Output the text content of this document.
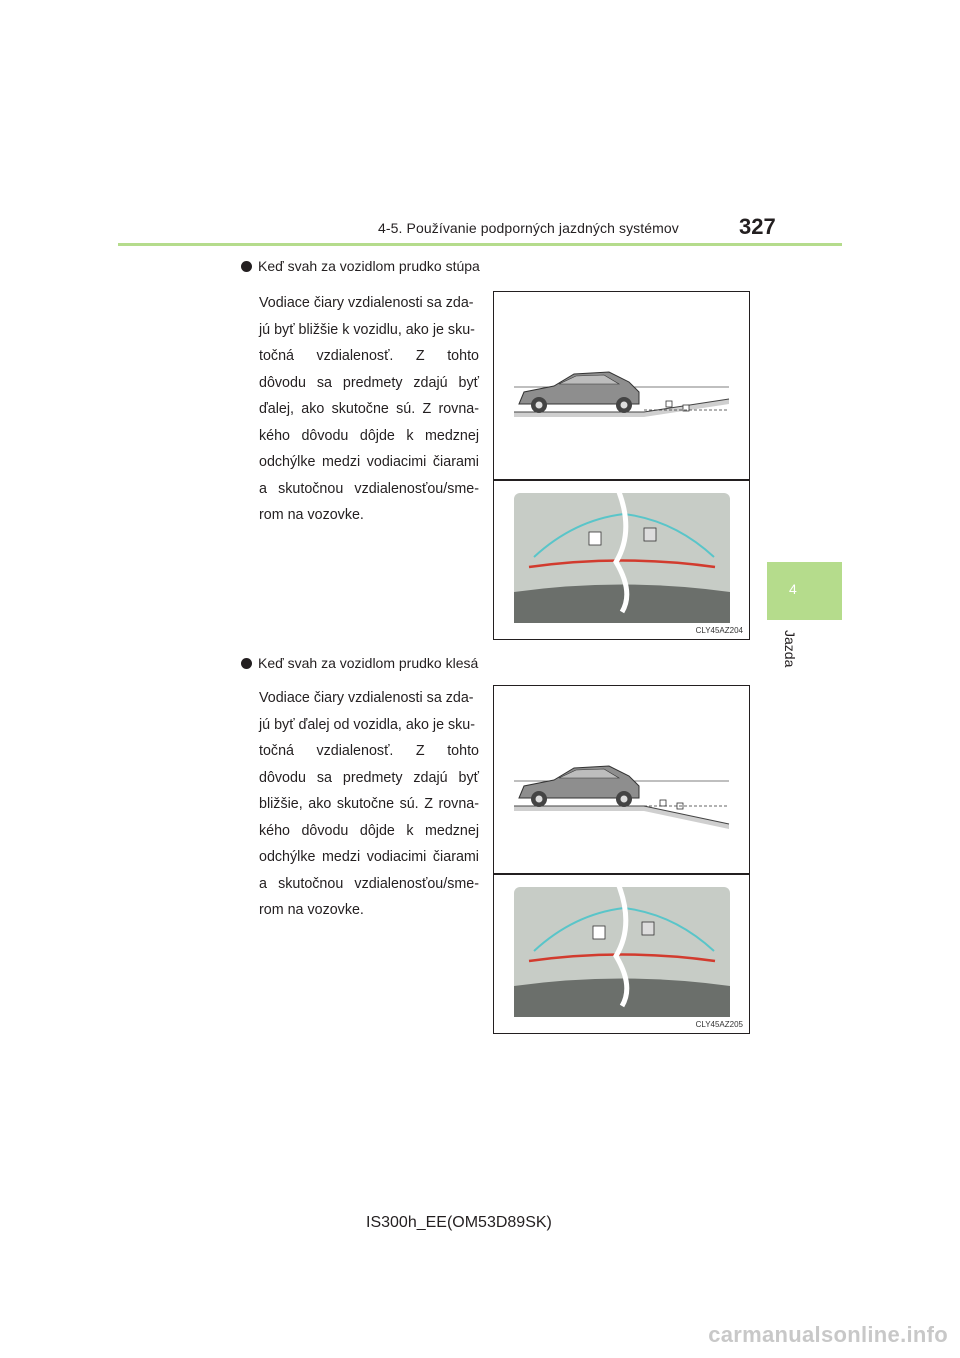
4-5. Používanie podporných jazdných systémov	327
4
Jazda
Keď svah za vozidlom prudko stúpa
Vodiace čiary vzdialenosti sa zda-
jú byť bližšie k vozidlu, ako je sku-
točná vzdialenosť. Z tohto
dôvodu sa predmety zdajú byť
ďalej, ako skutočne sú. Z rovna-
kého dôvodu dôjde k medznej
odchýlke medzi vodiacimi čiarami
a skutočnou vzdialenosťou/sme-
rom na vozovke.
CLY45AZ204
Keď svah za vozidlom prudko klesá
Vodiace čiary vzdialenosti sa zda-
jú byť ďalej od vozidla, ako je sku-
točná vzdialenosť. Z tohto
dôvodu sa predmety zdajú byť
bližšie, ako skutočne sú. Z rovna-
kého dôvodu dôjde k medznej
odchýlke medzi vodiacimi čiarami
a skutočnou vzdialenosťou/sme-
rom na vozovke.
CLY45AZ205
IS300h_EE(OM53D89SK)
carmanualsonline.info
